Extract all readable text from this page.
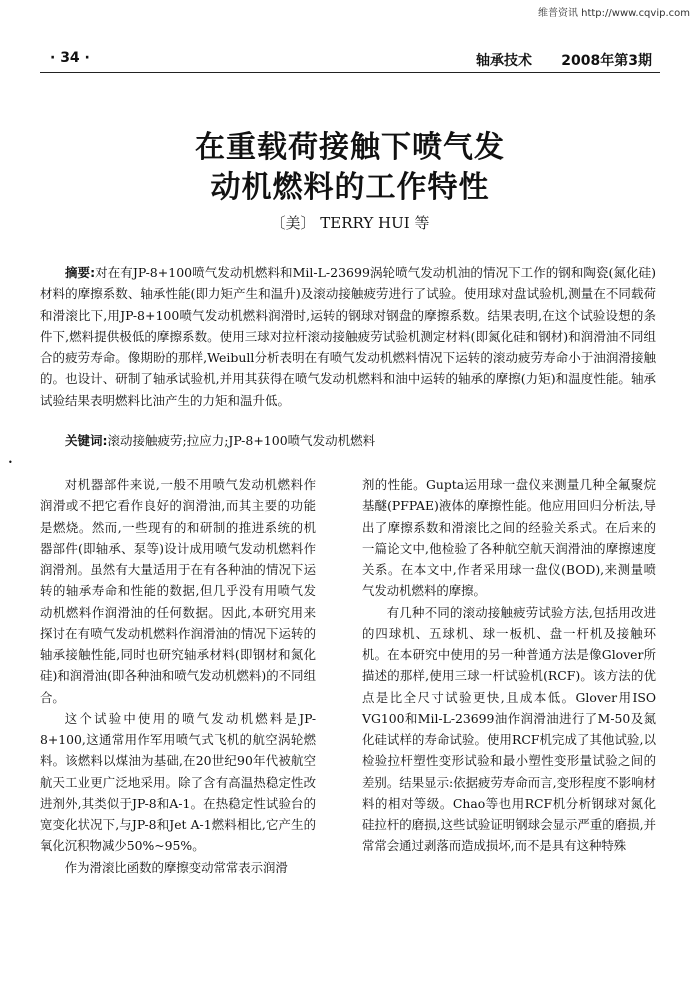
维普资讯 http://www.cqvip.com
· 34 ·	轴承技术 2008年第3期
在重载荷接触下喷气发
动机燃料的工作特性
〔美〕 TERRY HUI 等
摘要:对在有JP-8+100喷气发动机燃料和Mil-L-23699涡轮喷气发动机油的情况下工作的钢和陶瓷(氮化硅)材料的摩擦系数、轴承性能(即力矩产生和温升)及滚动接触疲劳进行了试验。使用球对盘试验机,测量在不同载荷和滑滚比下,用JP-8+100喷气发动机燃料润滑时,运转的钢球对钢盘的摩擦系数。结果表明,在这个试验设想的条件下,燃料提供极低的摩擦系数。使用三球对拉杆滚动接触疲劳试验机测定材料(即氮化硅和钢材)和润滑油不同组合的疲劳寿命。像期盼的那样,Weibull分析表明在有喷气发动机燃料情况下运转的滚动疲劳寿命小于油润滑接触的。也设计、研制了轴承试验机,并用其获得在喷气发动机燃料和油中运转的轴承的摩擦(力矩)和温度性能。轴承试验结果表明燃料比油产生的力矩和温升低。
关键词:滚动接触疲劳;拉应力;JP-8+100喷气发动机燃料
•

对机器部件来说,一般不用喷气发动机燃料作润滑或不把它看作良好的润滑油,而其主要的功能是燃烧。然而,一些现有的和研制的推进系统的机器部件(即轴承、泵等)设计成用喷气发动机燃料作润滑剂。虽然有大量适用于在有各种油的情况下运转的轴承寿命和性能的数据,但几乎没有用喷气发动机燃料作润滑油的任何数据。因此,本研究用来探讨在有喷气发动机燃料作润滑油的情况下运转的轴承接触性能,同时也研究轴承材料(即钢材和氮化硅)和润滑油(即各种油和喷气发动机燃料)的不同组合。

这个试验中使用的喷气发动机燃料是JP-8+100,这通常用作军用喷气式飞机的航空涡轮燃料。该燃料以煤油为基础,在20世纪90年代被航空航天工业更广泛地采用。除了含有高温热稳定性改进剂外,其类似于JP-8和A-1。在热稳定性试验台的宽变化状况下,与JP-8和Jet A-1燃料相比,它产生的氧化沉积物减少50%~95%。

作为滑滚比函数的摩擦变动常常表示润滑

剂的性能。Gupta运用球一盘仪来测量几种全氟聚烷基醚(PFPAE)液体的摩擦性能。他应用回归分析法,导出了摩擦系数和滑滚比之间的经验关系式。在后来的一篇论文中,他检验了各种航空航天润滑油的摩擦速度关系。在本文中,作者采用球一盘仪(BOD),来测量喷气发动机燃料的摩擦。

有几种不同的滚动接触疲劳试验方法,包括用改进的四球机、五球机、球一板机、盘一杆机及接触环机。在本研究中使用的另一种普通方法是像Glover所描述的那样,使用三球一杆试验机(RCF)。该方法的优点是比全尺寸试验更快,且成本低。Glover用ISO VG100和Mil-L-23699油作润滑油进行了M-50及氮化硅试样的寿命试验。使用RCF机完成了其他试验,以检验拉杆塑性变形试验和最小塑性变形量试验之间的差别。结果显示:依据疲劳寿命而言,变形程度不影响材料的相对等级。Chao等也用RCF机分析钢球对氮化硅拉杆的磨损,这些试验证明钢球会显示严重的磨损,并常常会通过剥落而造成损坏,而不是具有这种特殊
